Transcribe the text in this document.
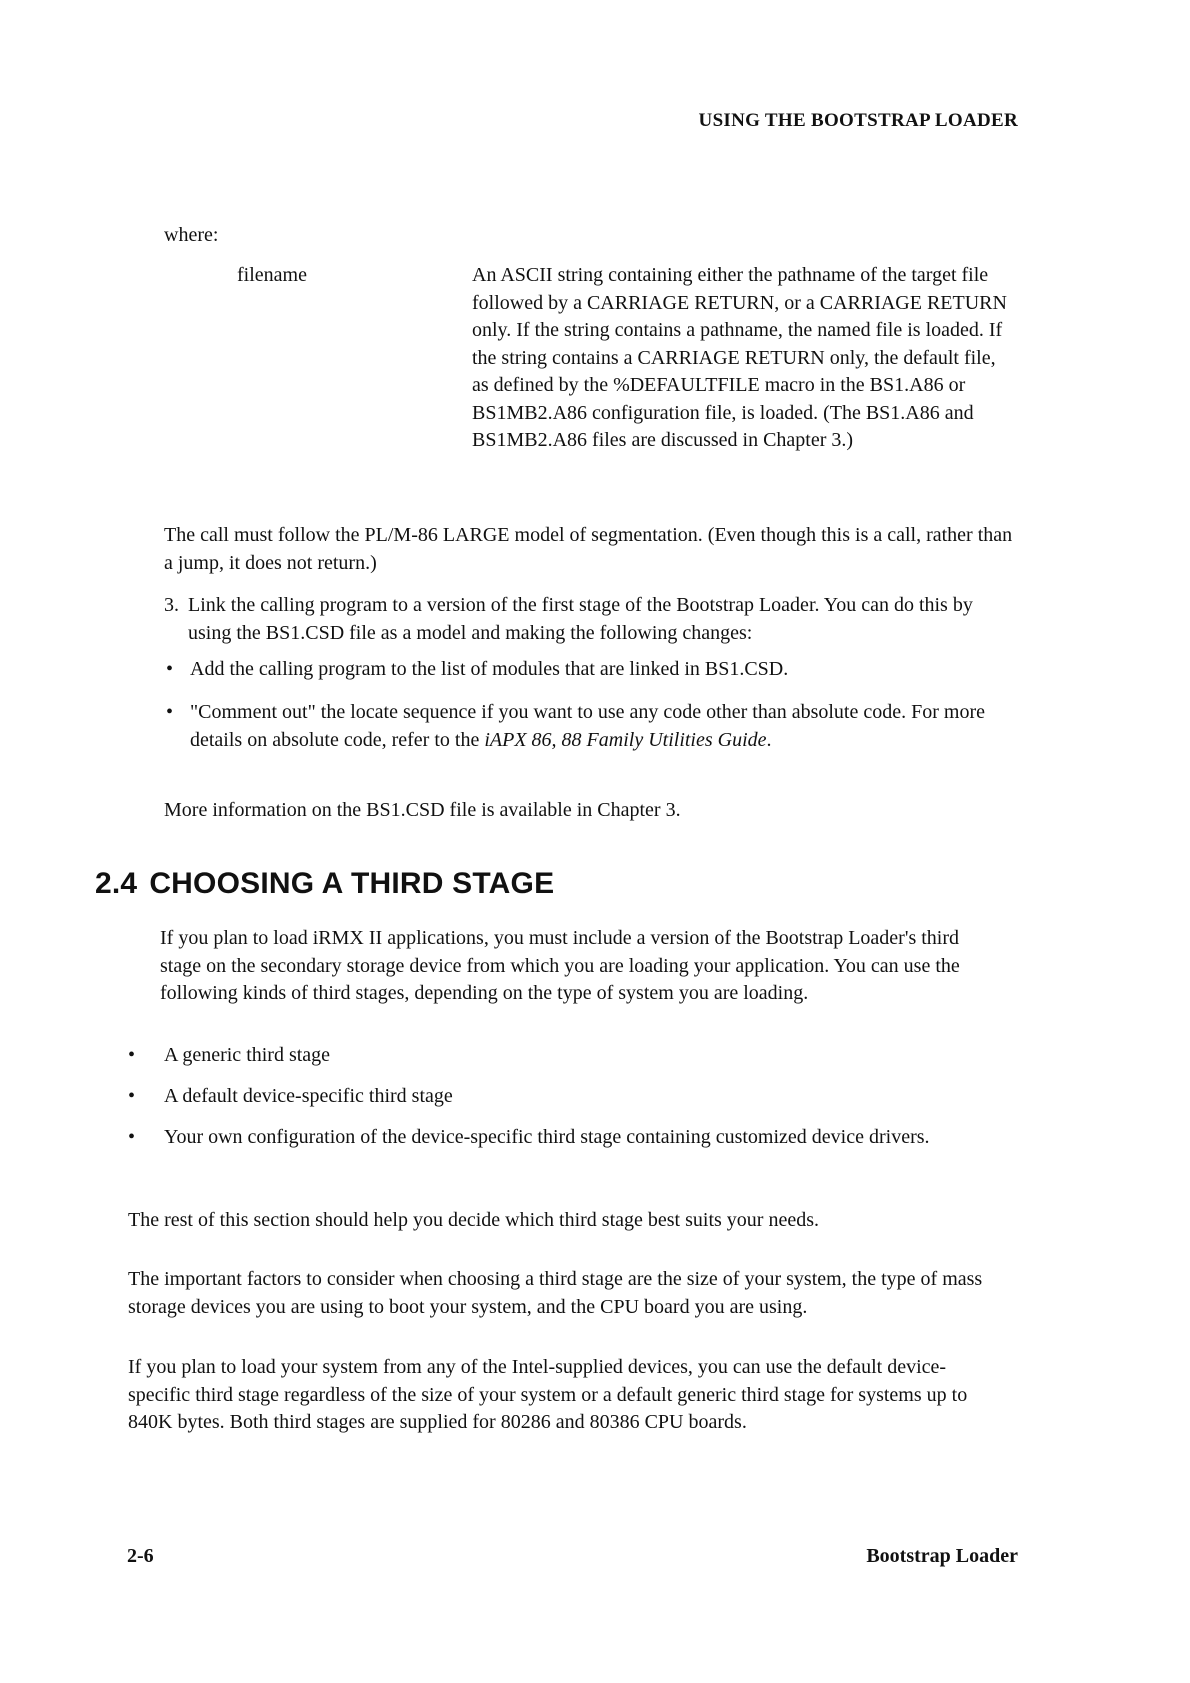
USING THE BOOTSTRAP LOADER
where:
filename	An ASCII string containing either the pathname of the target file followed by a CARRIAGE RETURN, or a CARRIAGE RETURN only. If the string contains a pathname, the named file is loaded. If the string contains a CARRIAGE RETURN only, the default file, as defined by the %DEFAULTFILE macro in the BS1.A86 or BS1MB2.A86 configuration file, is loaded. (The BS1.A86 and BS1MB2.A86 files are discussed in Chapter 3.)
The call must follow the PL/M-86 LARGE model of segmentation. (Even though this is a call, rather than a jump, it does not return.)
3. Link the calling program to a version of the first stage of the Bootstrap Loader. You can do this by using the BS1.CSD file as a model and making the following changes:
• Add the calling program to the list of modules that are linked in BS1.CSD.
• "Comment out" the locate sequence if you want to use any code other than absolute code. For more details on absolute code, refer to the iAPX 86, 88 Family Utilities Guide.
More information on the BS1.CSD file is available in Chapter 3.
2.4 CHOOSING A THIRD STAGE
If you plan to load iRMX II applications, you must include a version of the Bootstrap Loader's third stage on the secondary storage device from which you are loading your application. You can use the following kinds of third stages, depending on the type of system you are loading.
•	A generic third stage
•	A default device-specific third stage
•	Your own configuration of the device-specific third stage containing customized device drivers.
The rest of this section should help you decide which third stage best suits your needs.
The important factors to consider when choosing a third stage are the size of your system, the type of mass storage devices you are using to boot your system, and the CPU board you are using.
If you plan to load your system from any of the Intel-supplied devices, you can use the default device-specific third stage regardless of the size of your system or a default generic third stage for systems up to 840K bytes. Both third stages are supplied for 80286 and 80386 CPU boards.
2-6	Bootstrap Loader
